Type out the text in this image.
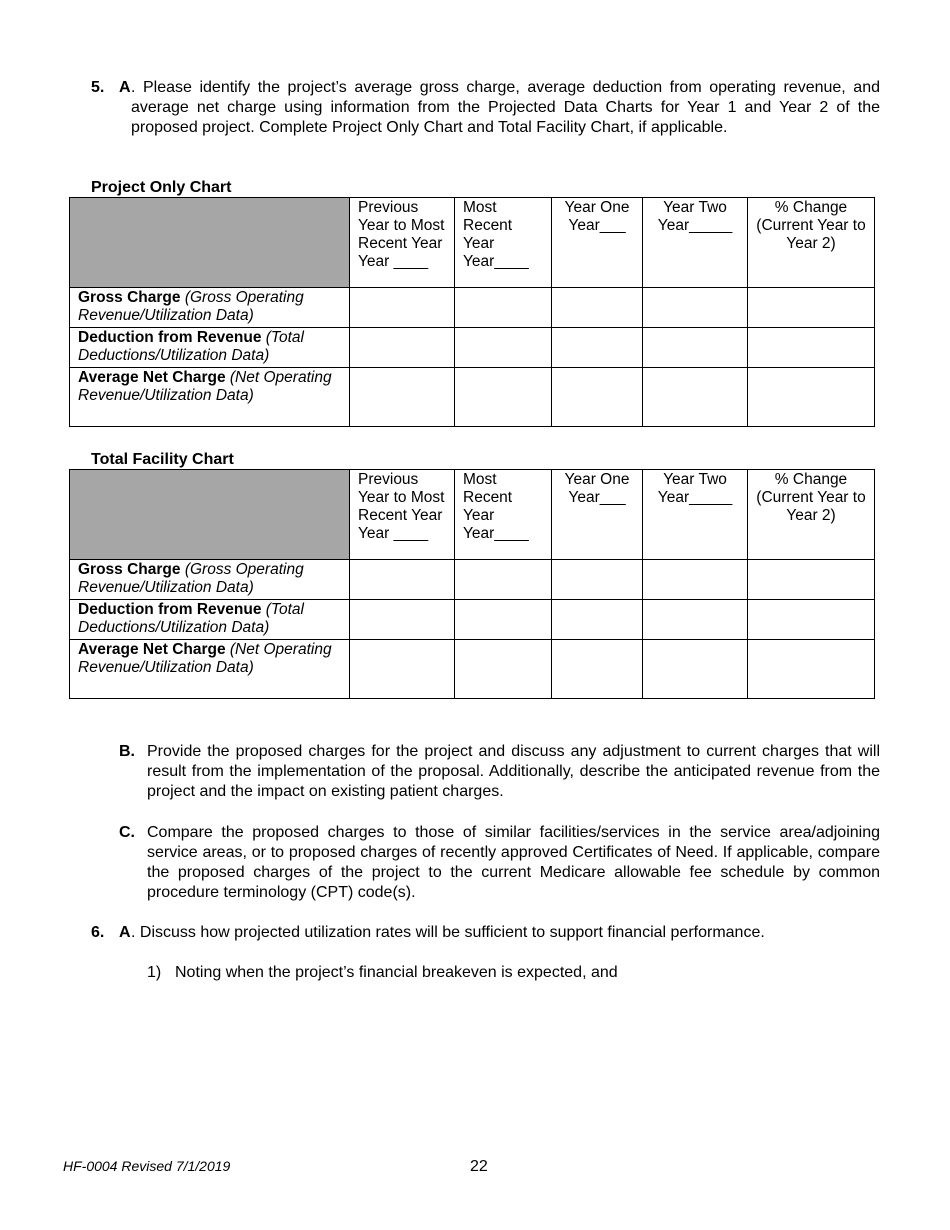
5. A . Please identify the project’s average gross charge, average deduction from operating revenue, and average net charge using information from the Projected Data Charts for Year 1 and Year 2 of the proposed project. Complete Project Only Chart and Total Facility Chart, if applicable.
Project Only Chart
	Previous Year to Most Recent Year Year ____	Most Recent Year Year____	Year One Year___	Year Two Year_____	% Change (Current Year to Year 2)
Gross Charge (Gross Operating Revenue/Utilization Data)					
Deduction from Revenue (Total Deductions/Utilization Data)					
Average Net Charge (Net Operating Revenue/Utilization Data)					
Total Facility Chart
	Previous Year to Most Recent Year Year ____	Most Recent Year Year____	Year One Year___	Year Two Year_____	% Change (Current Year to Year 2)
Gross Charge (Gross Operating Revenue/Utilization Data)					
Deduction from Revenue (Total Deductions/Utilization Data)					
Average Net Charge (Net Operating Revenue/Utilization Data)					
B. Provide the proposed charges for the project and discuss any adjustment to current charges that will result from the implementation of the proposal. Additionally, describe the anticipated revenue from the project and the impact on existing patient charges.
C. Compare the proposed charges to those of similar facilities/services in the service area/adjoining service areas, or to proposed charges of recently approved Certificates of Need. If applicable, compare the proposed charges of the project to the current Medicare allowable fee schedule by common procedure terminology (CPT) code(s).
6. A . Discuss how projected utilization rates will be sufficient to support financial performance.
1) Noting when the project’s financial breakeven is expected, and
HF-0004 Revised 7/1/2019	22
